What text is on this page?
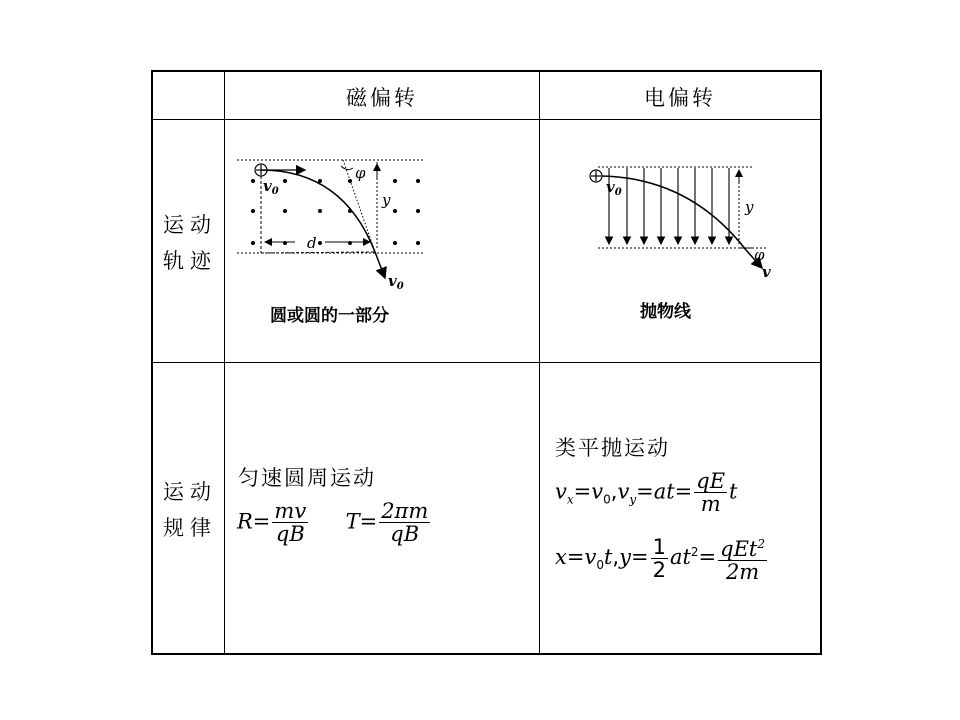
磁偏转	电偏转
运动
轨迹
运动
规律
$v_0$
d
y
φ
$v_0$
圆或圆的一部分
$v_0$
y
φ
v
抛物线
匀速圆周运动
$R= \frac{mv}{qB} T= \frac{2\pi m}{qB}$
类平抛运动
$v_x=v_0,v_y=at= \frac{qE}{m}$ t
$x=v_0t,y= \frac{1}{2} at^2= \frac{qEt^2}{2m}$
